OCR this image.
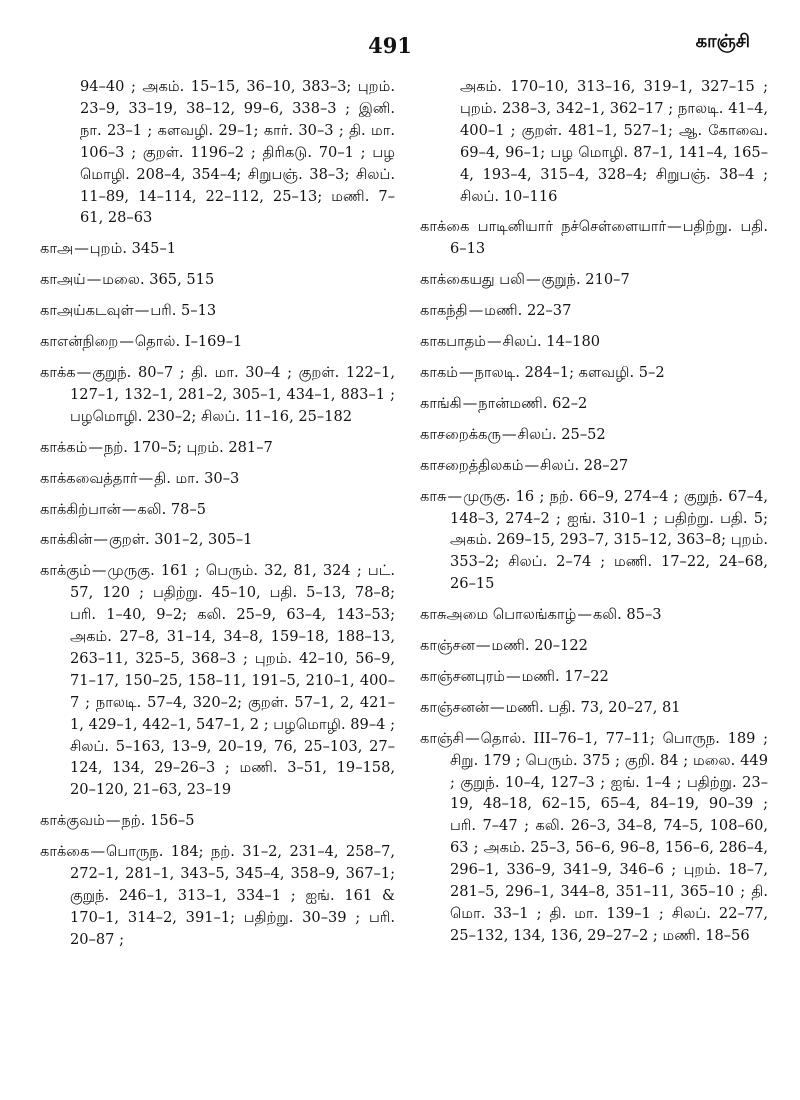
491	காஞ்சி

94–40 ; அகம். 15–15, 36–10, 383–3; புறம். 23–9, 33–19, 38–12, 99–6, 338–3 ; இனி. நா. 23–1 ; களவழி. 29–1; கார். 30–3 ; தி. மா. 106–3 ; குறள். 1196–2 ; திரிகடு. 70–1 ; பழ மொழி. 208–4, 354–4; சிறுபஞ். 38–3; சிலப். 11–89, 14–114, 22–112, 25–13; மணி. 7–61, 28–63

காஅ—புறம். 345–1

காஅய்—மலை. 365, 515

காஅய்கடவுள்—பரி. 5–13

காஎன்நிறை—தொல். I–169–1

காக்க—குறுந். 80–7 ; தி. மா. 30–4 ; குறள். 122–1, 127–1, 132–1, 281–2, 305–1, 434–1, 883–1 ; பழமொழி. 230–2; சிலப். 11–16, 25–182

காக்கம்—நற். 170–5; புறம். 281–7

காக்கவைத்தார்—தி. மா. 30–3

காக்கிற்பான்—கலி. 78–5

காக்கின்—குறள். 301–2, 305–1

காக்கும்—முருகு. 161 ; பெரும். 32, 81, 324 ; பட். 57, 120 ; பதிற்று. 45–10, பதி. 5–13, 78–8; பரி. 1–40, 9–2; கலி. 25–9, 63–4, 143–53; அகம். 27–8, 31–14, 34–8, 159–18, 188–13, 263–11, 325–5, 368–3 ; புறம். 42–10, 56–9, 71–17, 150–25, 158–11, 191–5, 210–1, 400–7 ; நாலடி. 57–4, 320–2; குறள். 57–1, 2, 421–1, 429–1, 442–1, 547–1, 2 ; பழமொழி. 89–4 ; சிலப். 5–163, 13–9, 20–19, 76, 25–103, 27–124, 134, 29–26–3 ; மணி. 3–51, 19–158, 20–120, 21–63, 23–19

காக்குவம்—நற். 156–5

காக்கை—பொருந. 184; நற். 31–2, 231–4, 258–7, 272–1, 281–1, 343–5, 345–4, 358–9, 367–1; குறுந். 246–1, 313–1, 334–1 ; ஐங். 161 & 170–1, 314–2, 391–1; பதிற்று. 30–39 ; பரி. 20–87 ;

அகம். 170–10, 313–16, 319–1, 327–15 ; புறம். 238–3, 342–1, 362–17 ; நாலடி. 41–4, 400–1 ; குறள். 481–1, 527–1; ஆ. கோவை. 69–4, 96–1; பழ மொழி. 87–1, 141–4, 165–4, 193–4, 315–4, 328–4; சிறுபஞ். 38–4 ; சிலப். 10–116

காக்கை பாடினியார் நச்செள்ளையார்—பதிற்று. பதி. 6–13

காக்கையது பலி—குறுந். 210–7

காகந்தி—மணி. 22–37

காகபாதம்—சிலப். 14–180

காகம்—நாலடி. 284–1; களவழி. 5–2

காங்கி—நான்மணி. 62–2

காசறைக்கரு—சிலப். 25–52

காசறைத்திலகம்—சிலப். 28–27

காசு—முருகு. 16 ; நற். 66–9, 274–4 ; குறுந். 67–4, 148–3, 274–2 ; ஐங். 310–1 ; பதிற்று. பதி. 5; அகம். 269–15, 293–7, 315–12, 363–8; புறம். 353–2; சிலப். 2–74 ; மணி. 17–22, 24–68, 26–15

காசுஅமை பொலங்காழ்—கலி. 85–3

காஞ்சன—மணி. 20–122

காஞ்சனபுரம்—மணி. 17–22

காஞ்சனன்—மணி. பதி. 73, 20–27, 81

காஞ்சி—தொல். III–76–1, 77–11; பொருந. 189 ; சிறு. 179 ; பெரும். 375 ; குறி. 84 ; மலை. 449 ; குறுந். 10–4, 127–3 ; ஐங். 1–4 ; பதிற்று. 23–19, 48–18, 62–15, 65–4, 84–19, 90–39 ; பரி. 7–47 ; கலி. 26–3, 34–8, 74–5, 108–60, 63 ; அகம். 25–3, 56–6, 96–8, 156–6, 286–4, 296–1, 336–9, 341–9, 346–6 ; புறம். 18–7, 281–5, 296–1, 344–8, 351–11, 365–10 ; தி. மொ. 33–1 ; தி. மா. 139–1 ; சிலப். 22–77, 25–132, 134, 136, 29–27–2 ; மணி. 18–56
